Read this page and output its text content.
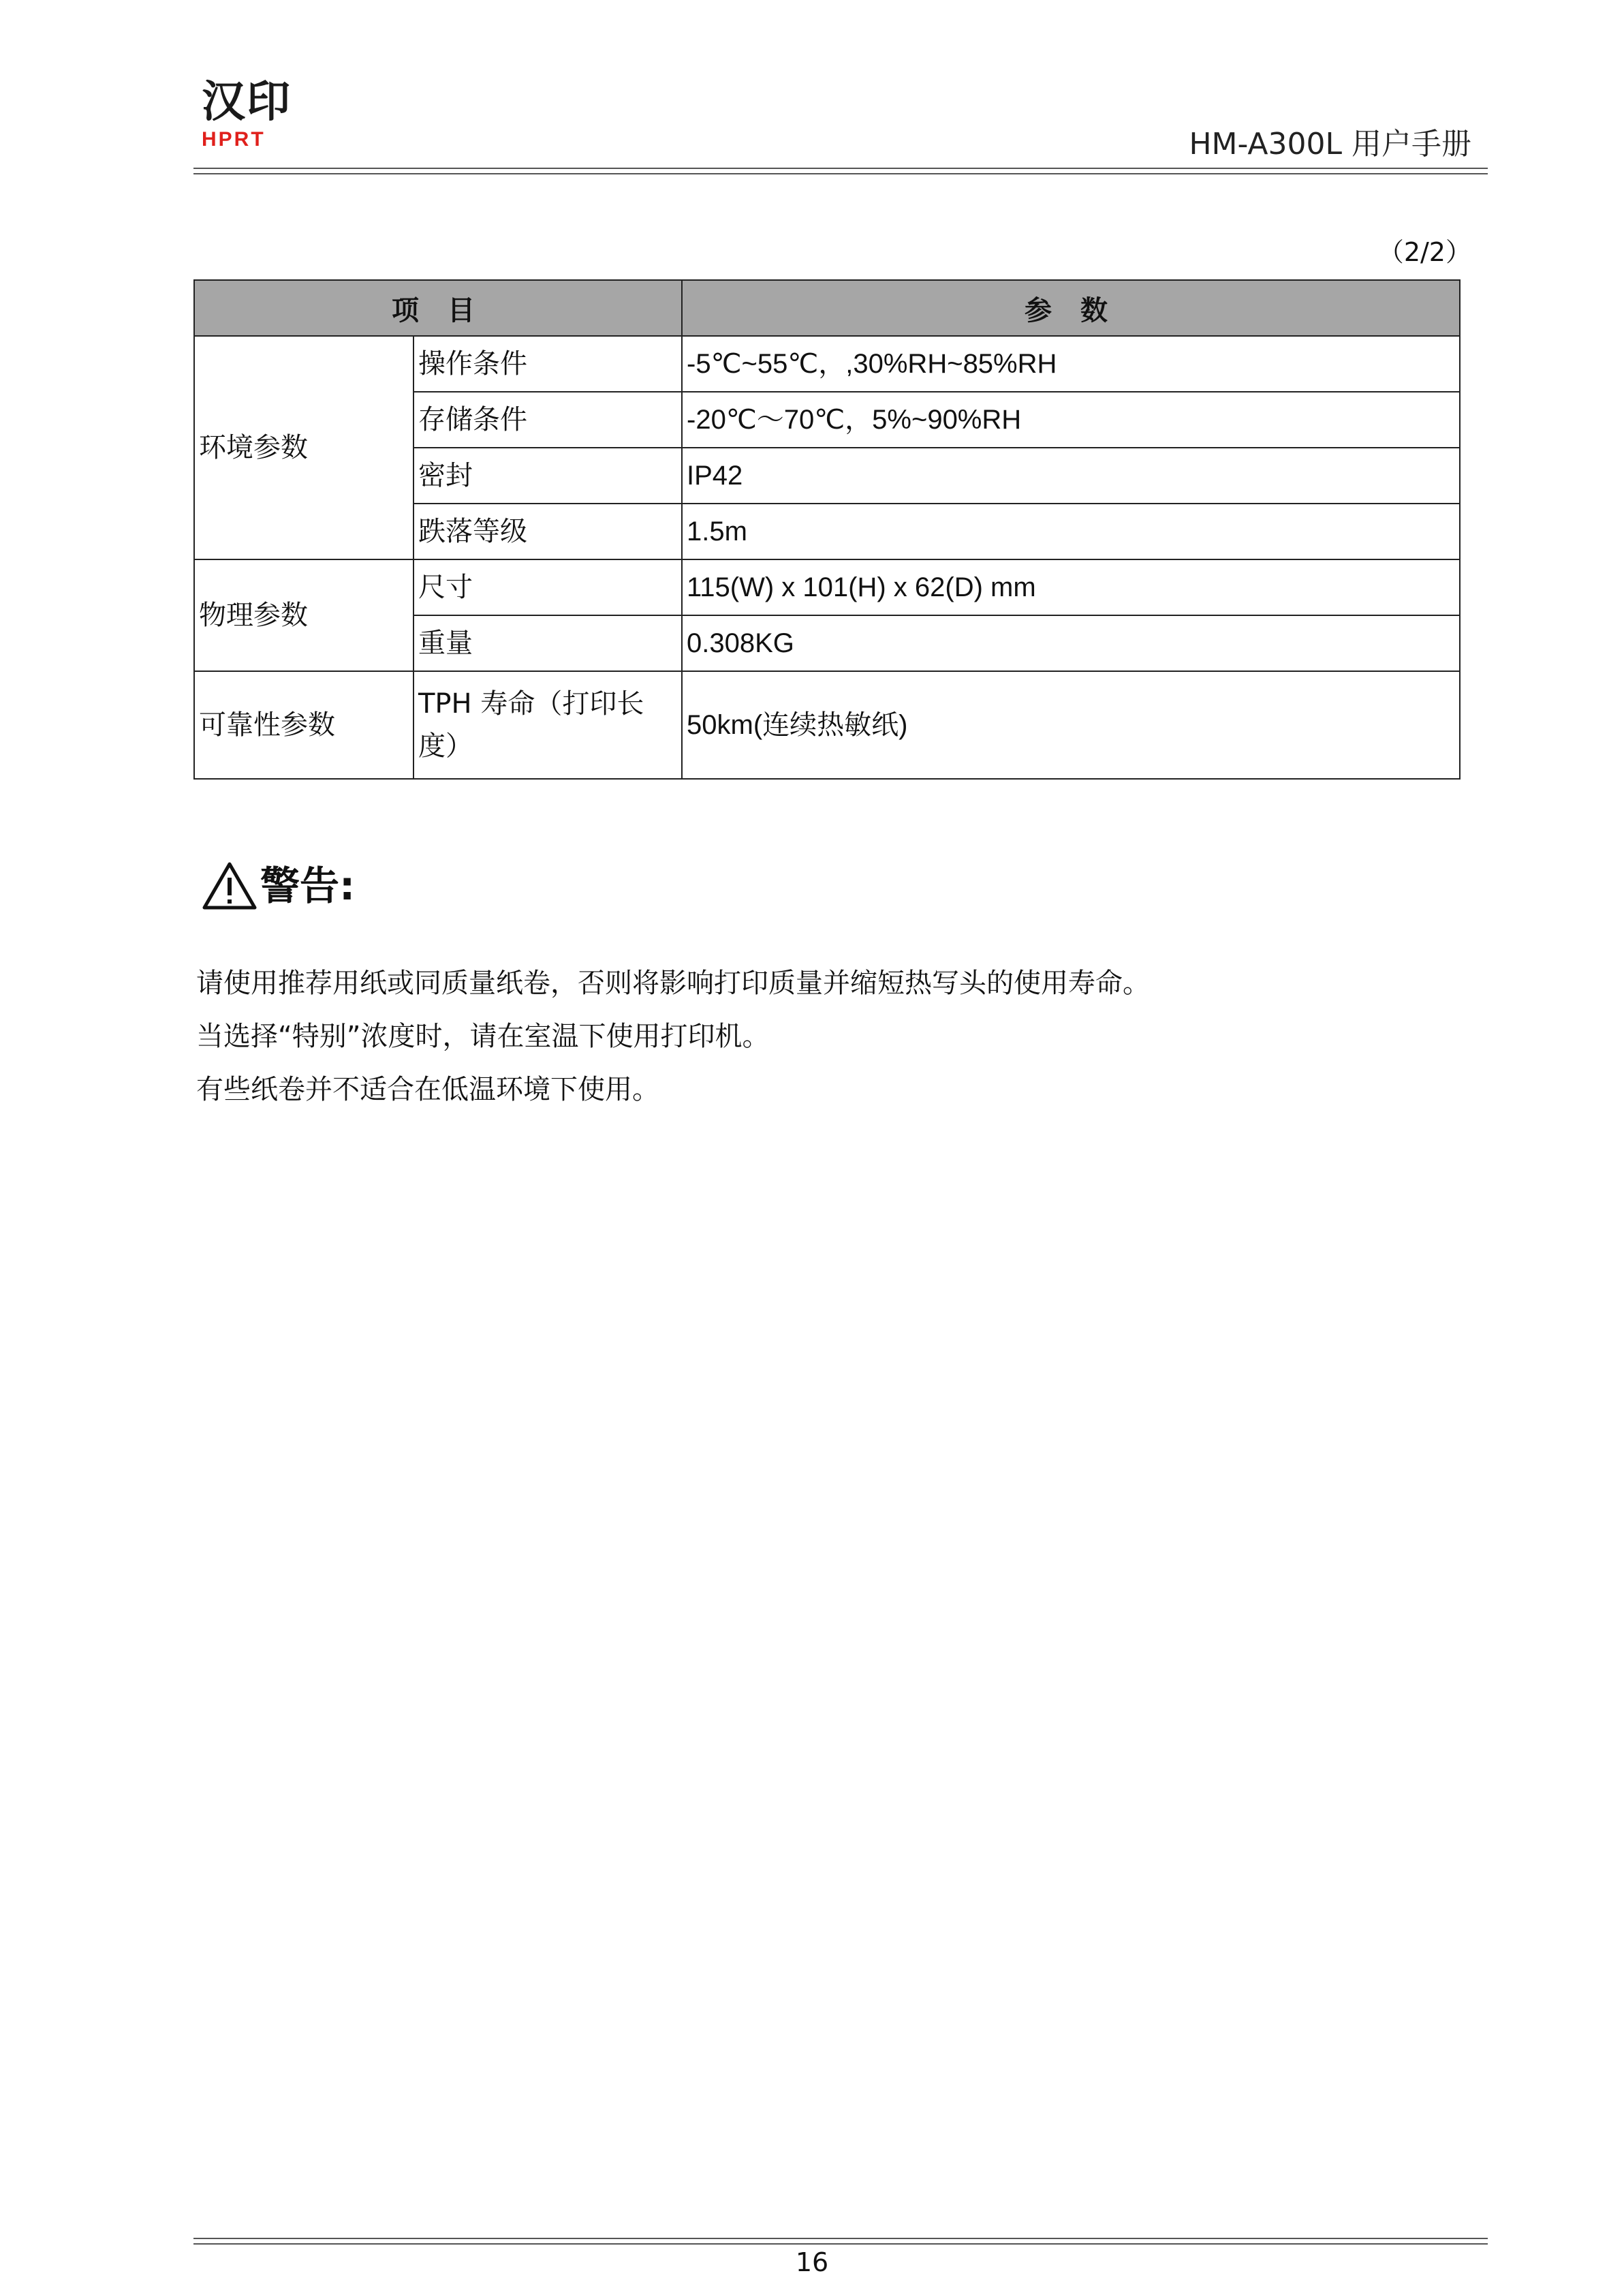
汉印
HPRT	HM-A300L 用户手册
（2/2）
项 目		参 数
环境参数	操作条件	-5℃~55℃，,30%RH~85%RH
	存储条件	-20℃～70℃，5%~90%RH
	密封	IP42
	跌落等级	1.5m
物理参数	尺寸	115(W) x 101(H) x 62(D) mm
	重量	0.308KG
可靠性参数	TPH 寿命（打印长度）	50km(连续热敏纸)
警告:

请使用推荐用纸或同质量纸卷，否则将影响打印质量并缩短热写头的使用寿命。

当选择“特别”浓度时，请在室温下使用打印机。

有些纸卷并不适合在低温环境下使用。

16
